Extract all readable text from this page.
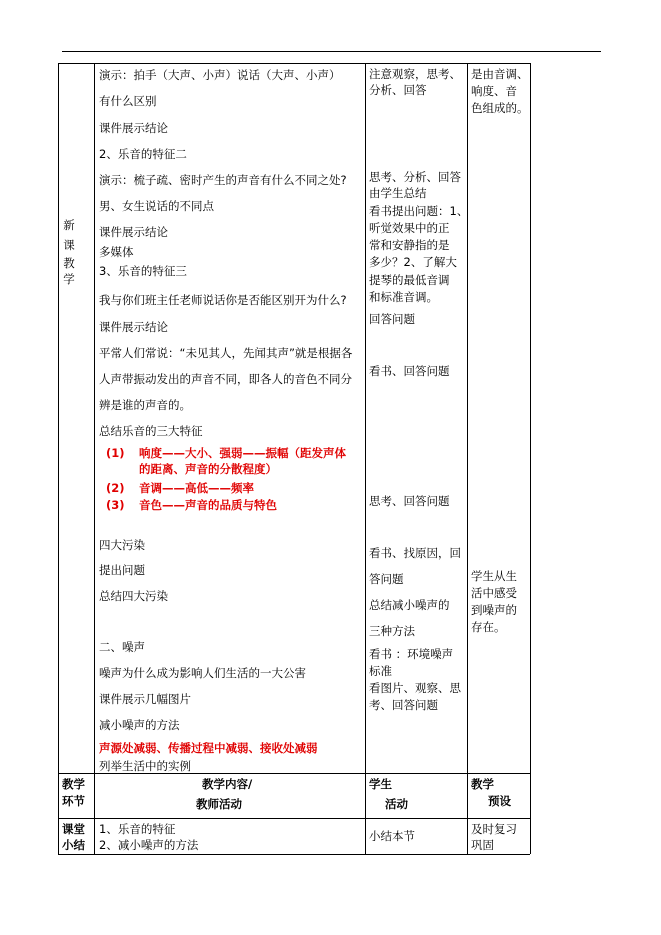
新
课
教
学
演示：拍手（大声、小声）说话（大声、小声）
有什么区别
课件展示结论
2、乐音的特征二
演示：梳子疏、密时产生的声音有什么不同之处?
男、女生说话的不同点
课件展示结论
多媒体
3、乐音的特征三
我与你们班主任老师说话你是否能区别开为什么?
课件展示结论
平常人们常说：“未见其人，先闻其声”就是根据各
人声带振动发出的声音不同，即各人的音色不同分
辨是谁的声音的。
总结乐音的三大特征
(1) 响度——大小、强弱——振幅（距发声体
的距离、声音的分散程度）
(2) 音调——高低——频率
(3) 音色——声音的品质与特色
四大污染
提出问题
总结四大污染
二、噪声
噪声为什么成为影响人们生活的一大公害
课件展示几幅图片
减小噪声的方法
声源处减弱、传播过程中减弱、接收处减弱
列举生活中的实例
注意观察，思考、
分析、回答
思考、分析、回答
由学生总结
看书提出问题：1、
听觉效果中的正
常和安静指的是
多少？2、了解大
提琴的最低音调
和标准音调。
回答问题
看书、回答问题
思考、回答问题
看书、找原因，回
答问题
总结减小噪声的
三种方法
看书 ：环境噪声
标准
看图片、观察、思
考、回答问题
是由音调、
响度、音
色组成的。
学生从生
活中感受
到噪声的
存在。
教学
环节
教学内容/
教师活动
学生
活动
教学
预设
课堂
小结
1、乐音的特征
2、减小噪声的方法
小结本节	及时复习
巩固
